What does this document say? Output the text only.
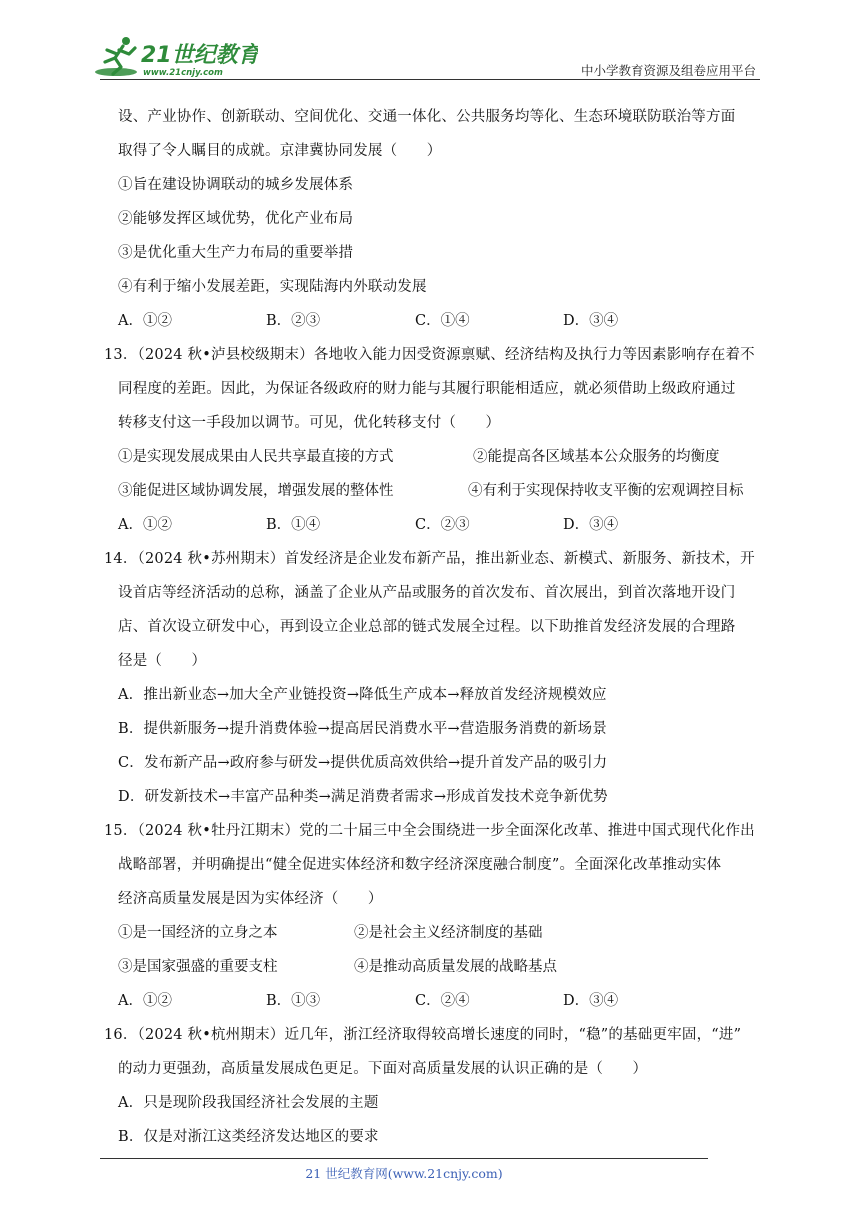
21世纪教育
www.21cnjy.com	中小学教育资源及组卷应用平台
设、产业协作、创新联动、空间优化、交通一体化、公共服务均等化、生态环境联防联治等方面
取得了令人瞩目的成就。京津冀协同发展（　　）
①旨在建设协调联动的城乡发展体系
②能够发挥区域优势，优化产业布局
③是优化重大生产力布局的重要举措
④有利于缩小发展差距，实现陆海内外联动发展
A．①②	B．②③	C．①④	D．③④
13．（2024 秋•泸县校级期末）各地收入能力因受资源禀赋、经济结构及执行力等因素影响存在着不
同程度的差距。因此，为保证各级政府的财力能与其履行职能相适应，就必须借助上级政府通过
转移支付这一手段加以调节。可见，优化转移支付（　　）
①是实现发展成果由人民共享最直接的方式	②能提高各区域基本公众服务的均衡度
③能促进区域协调发展，增强发展的整体性	④有利于实现保持收支平衡的宏观调控目标
A．①②	B．①④	C．②③	D．③④
14．（2024 秋•苏州期末）首发经济是企业发布新产品，推出新业态、新模式、新服务、新技术，开
设首店等经济活动的总称，涵盖了企业从产品或服务的首次发布、首次展出，到首次落地开设门
店、首次设立研发中心，再到设立企业总部的链式发展全过程。以下助推首发经济发展的合理路
径是（　　）
A．推出新业态→加大全产业链投资→降低生产成本→释放首发经济规模效应
B．提供新服务→提升消费体验→提高居民消费水平→营造服务消费的新场景
C．发布新产品→政府参与研发→提供优质高效供给→提升首发产品的吸引力
D．研发新技术→丰富产品种类→满足消费者需求→形成首发技术竞争新优势
15．（2024 秋•牡丹江期末）党的二十届三中全会围绕进一步全面深化改革、推进中国式现代化作出
战略部署，并明确提出“健全促进实体经济和数字经济深度融合制度”。全面深化改革推动实体
经济高质量发展是因为实体经济（　　）
①是一国经济的立身之本	②是社会主义经济制度的基础
③是国家强盛的重要支柱	④是推动高质量发展的战略基点
A．①②	B．①③	C．②④	D．③④
16．（2024 秋•杭州期末）近几年，浙江经济取得较高增长速度的同时，“稳”的基础更牢固，“进”
的动力更强劲，高质量发展成色更足。下面对高质量发展的认识正确的是（　　）
A．只是现阶段我国经济社会发展的主题
B．仅是对浙江这类经济发达地区的要求
21 世纪教育网(www.21cnjy.com)
